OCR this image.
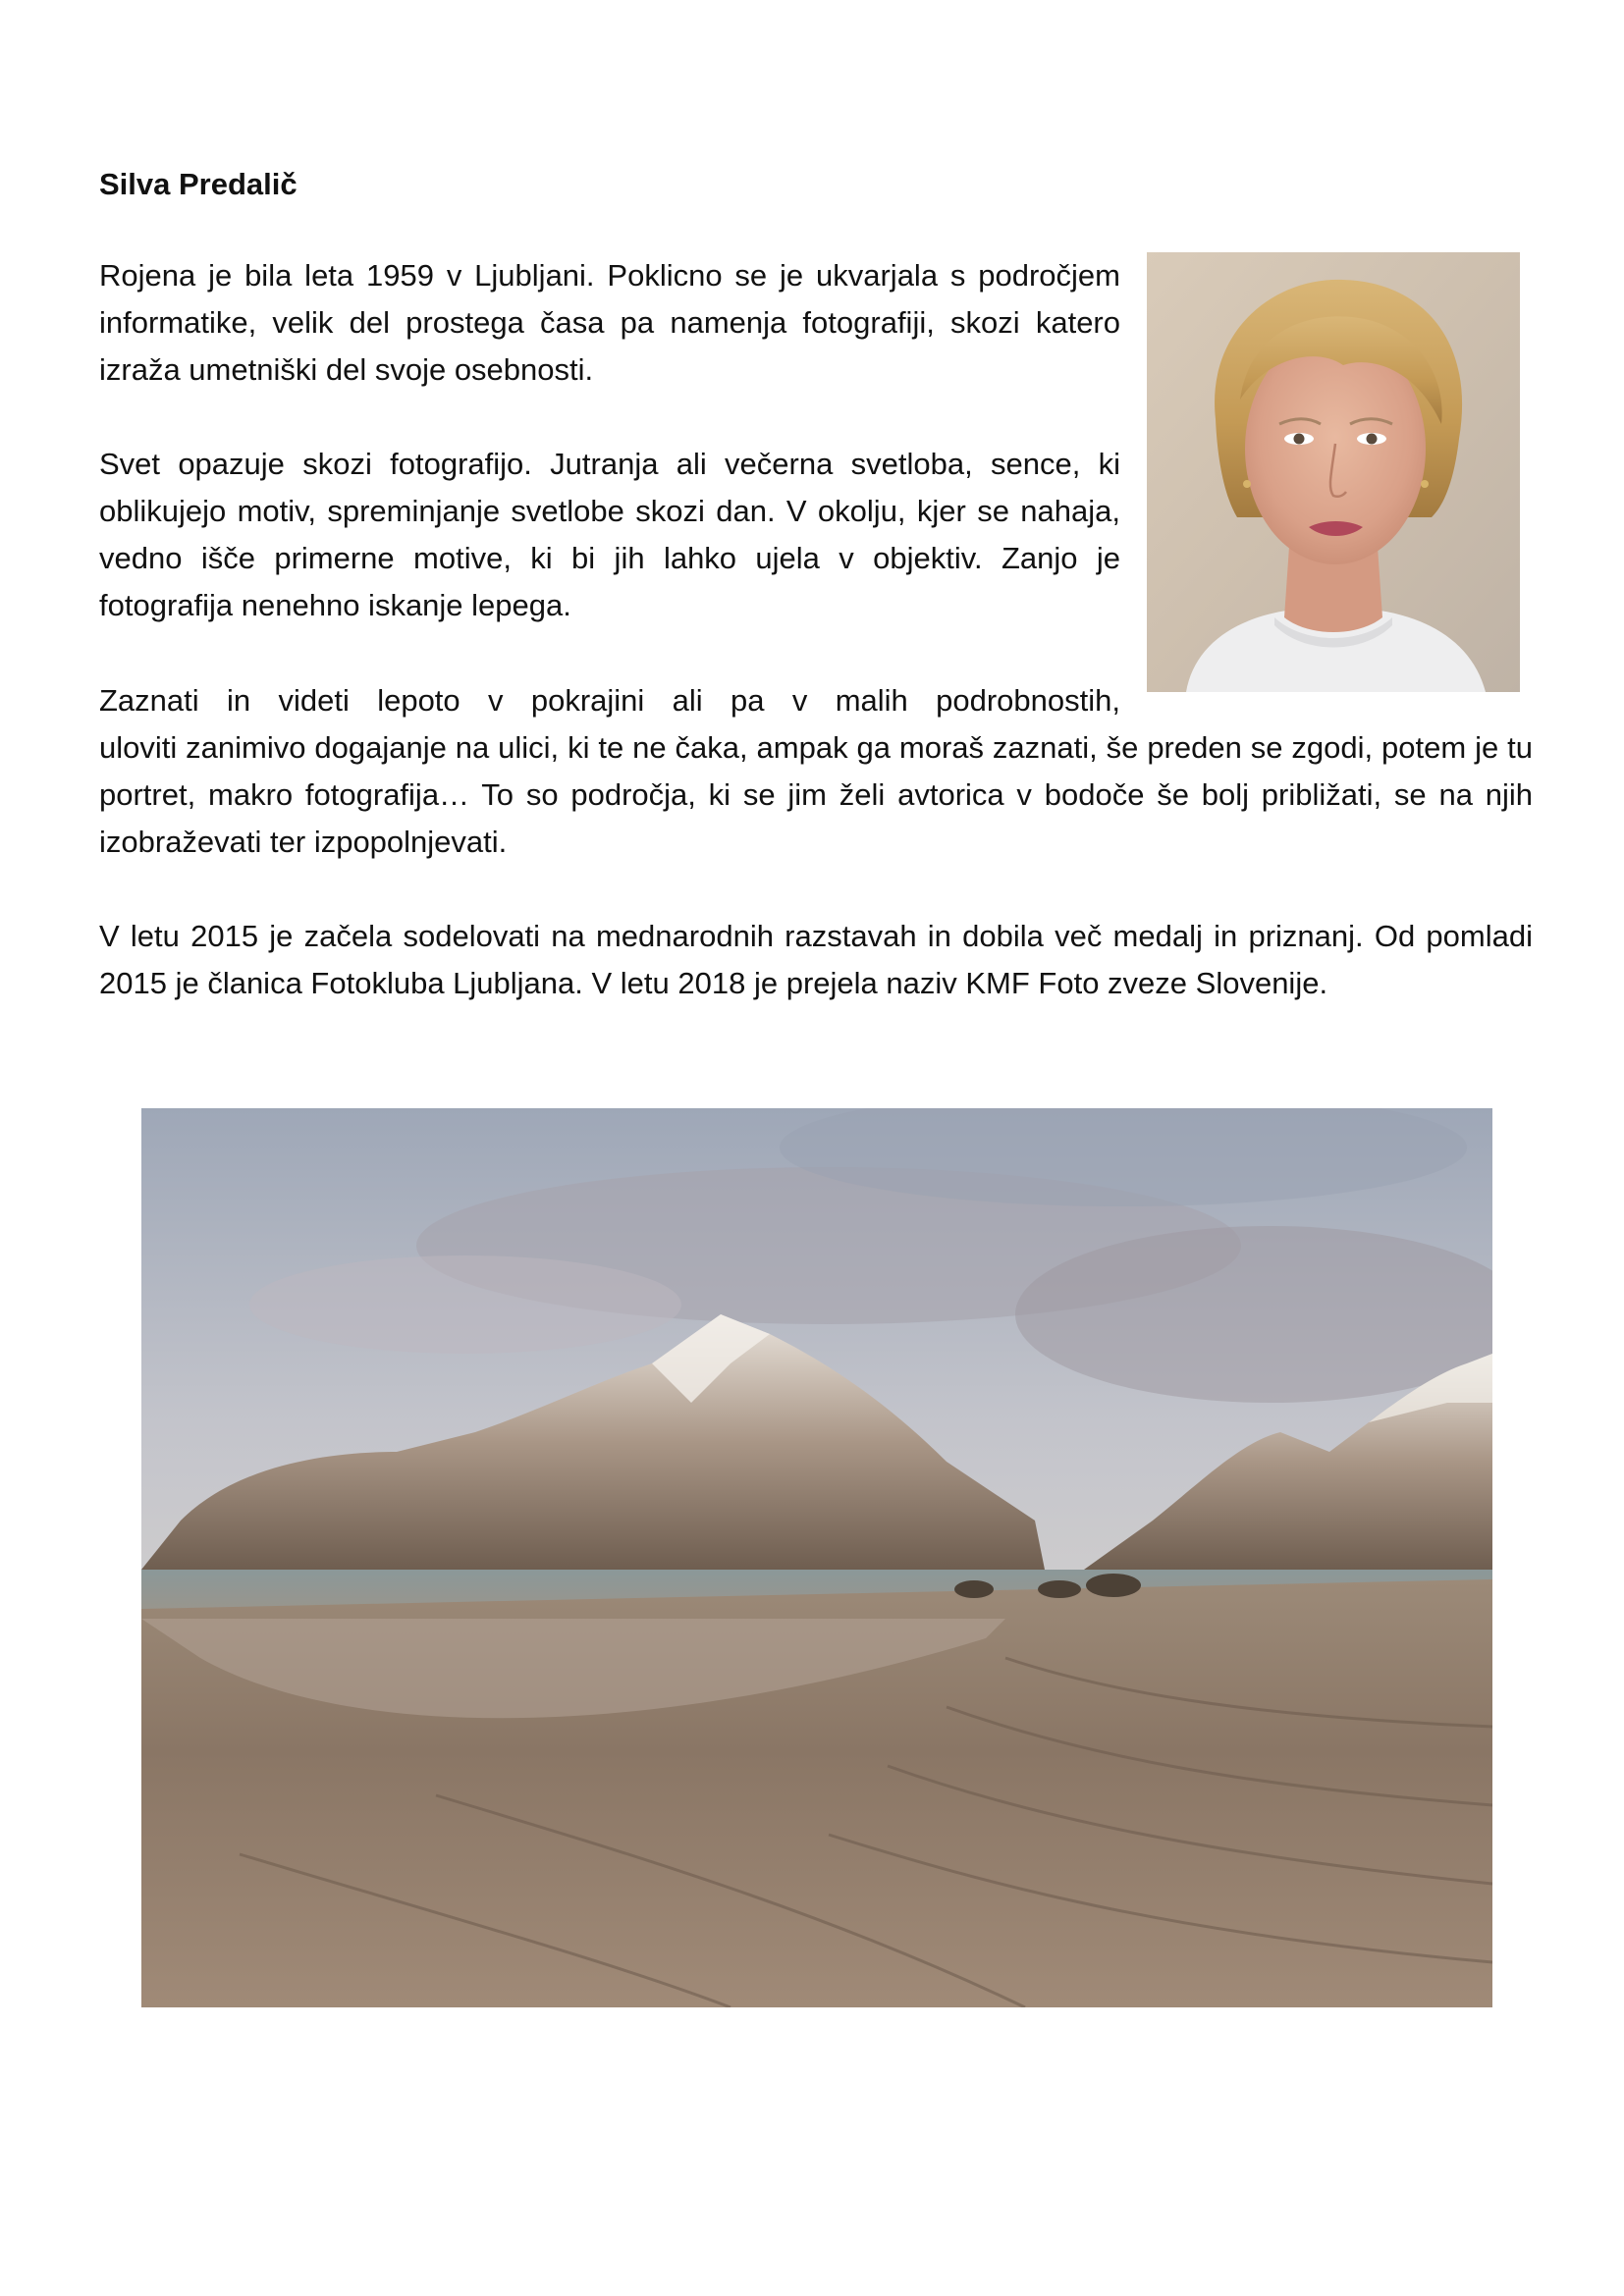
Silva Predalič

Rojena je bila leta 1959 v Ljubljani. Poklicno se je ukvarjala s področjem informatike, velik del prostega časa pa namenja fotografiji, skozi katero izraža umetniški del svoje osebnosti.

Svet opazuje skozi fotografijo. Jutranja ali večerna svetloba, sence, ki oblikujejo motiv, spreminjanje svetlobe skozi dan. V okolju, kjer se nahaja, vedno išče primerne motive, ki bi jih lahko ujela v objektiv. Zanjo je fotografija nenehno iskanje lepega.

Zaznati in videti lepoto v pokrajini ali pa v malih podrobnostih,
uloviti zanimivo dogajanje na ulici, ki te ne čaka, ampak ga moraš zaznati, še preden se zgodi, potem je tu portret, makro fotografija… To so področja, ki se jim želi avtorica v bodoče še bolj približati, se na njih izobraževati ter izpopolnjevati.

V letu 2015 je začela sodelovati na mednarodnih razstavah in dobila več medalj in priznanj. Od pomladi 2015 je članica Fotokluba Ljubljana. V letu 2018 je prejela naziv KMF Foto zveze Slovenije.
